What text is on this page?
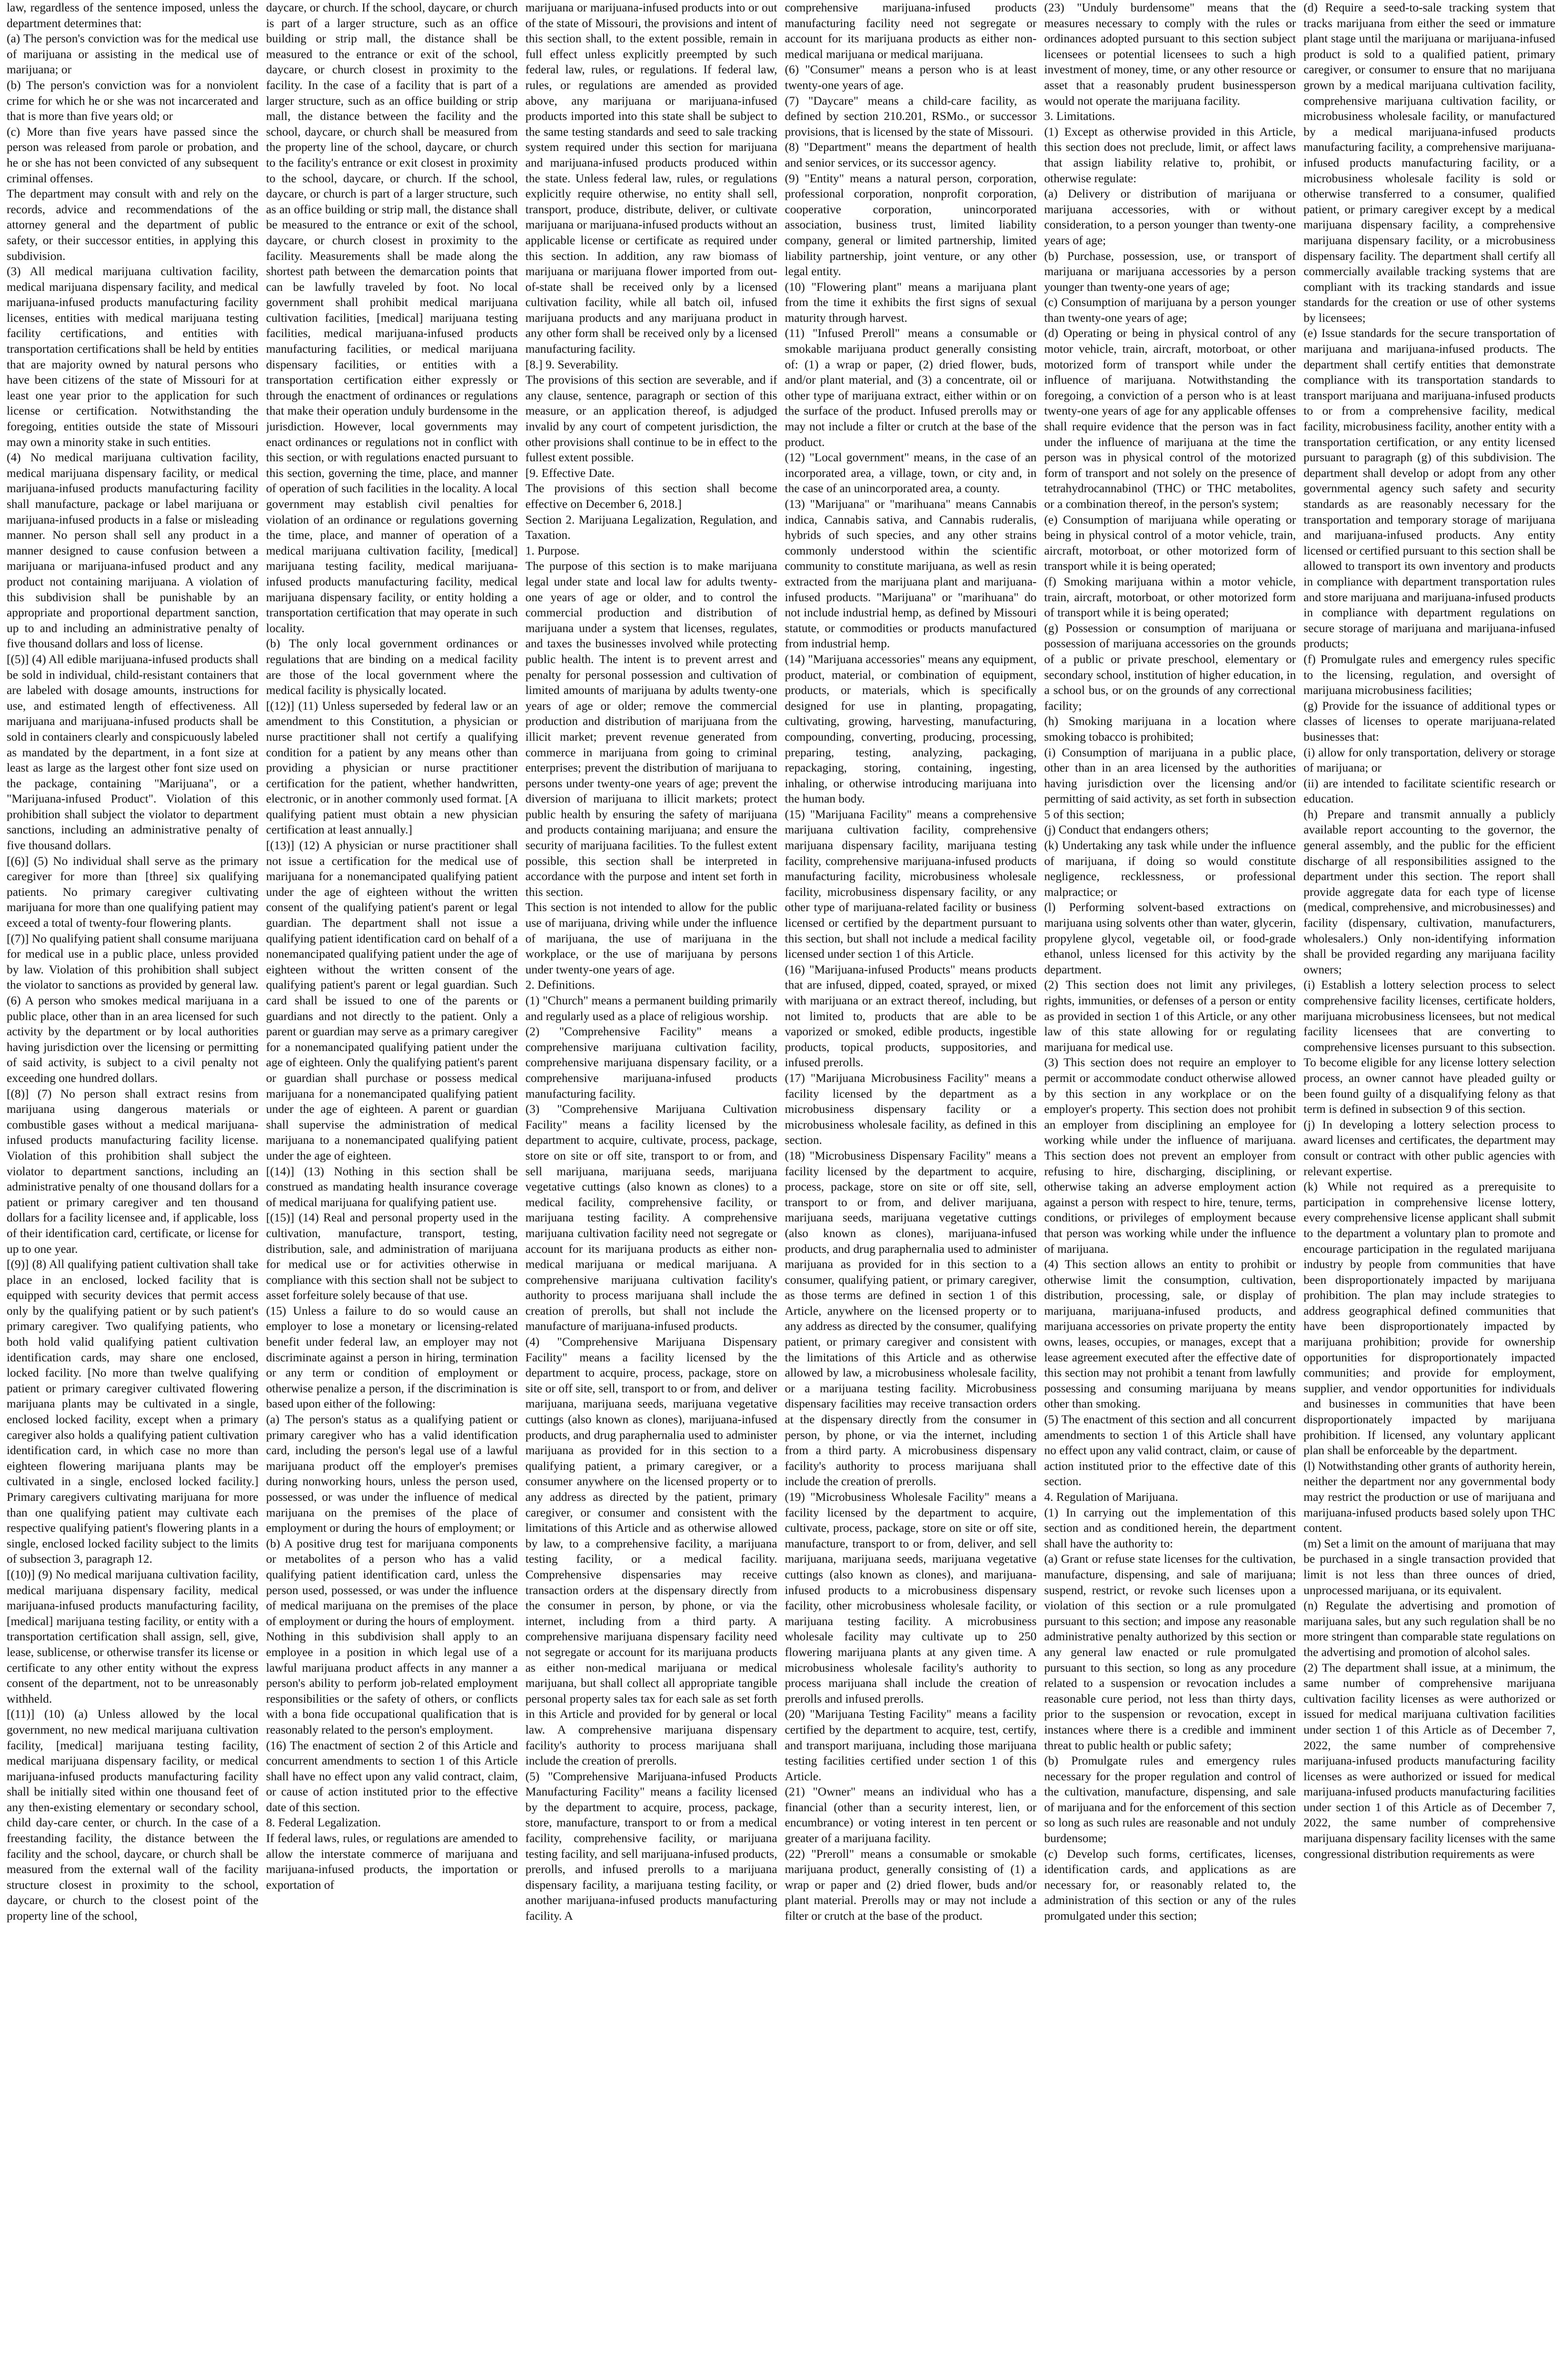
law, regardless of the sentence imposed, unless the department determines that:

(a) The person's conviction was for the medical use of marijuana or assisting in the medical use of marijuana; or

(b) The person's conviction was for a nonviolent crime for which he or she was not incarcerated and that is more than five years old; or

(c) More than five years have passed since the person was released from parole or probation, and he or she has not been convicted of any subsequent criminal offenses.

The department may consult with and rely on the records, advice and recommendations of the attorney general and the department of public safety, or their successor entities, in applying this subdivision.

(3) All medical marijuana cultivation facility, medical marijuana dispensary facility, and medical marijuana-infused products manufacturing facility licenses, entities with medical marijuana testing facility certifications, and entities with transportation certifications shall be held by entities that are majority owned by natural persons who have been citizens of the state of Missouri for at least one year prior to the application for such license or certification. Notwithstanding the foregoing, entities outside the state of Missouri may own a minority stake in such entities.

(4) No medical marijuana cultivation facility, medical marijuana dispensary facility, or medical marijuana-infused products manufacturing facility shall manufacture, package or label marijuana or marijuana-infused products in a false or misleading manner. No person shall sell any product in a manner designed to cause confusion between a marijuana or marijuana-infused product and any product not containing marijuana. A violation of this subdivision shall be punishable by an appropriate and proportional department sanction, up to and including an administrative penalty of five thousand dollars and loss of license.

[(5)] (4) All edible marijuana-infused products shall be sold in individual, child-resistant containers that are labeled with dosage amounts, instructions for use, and estimated length of effectiveness. All marijuana and marijuana-infused products shall be sold in containers clearly and conspicuously labeled as mandated by the department, in a font size at least as large as the largest other font size used on the package, containing "Marijuana", or a "Marijuana-infused Product". Violation of this prohibition shall subject the violator to department sanctions, including an administrative penalty of five thousand dollars.

[(6)] (5) No individual shall serve as the primary caregiver for more than [three] six qualifying patients. No primary caregiver cultivating marijuana for more than one qualifying patient may exceed a total of twenty-four flowering plants.

[(7)] No qualifying patient shall consume marijuana for medical use in a public place, unless provided by law. Violation of this prohibition shall subject the violator to sanctions as provided by general law. (6) A person who smokes medical marijuana in a public place, other than in an area licensed for such activity by the department or by local authorities having jurisdiction over the licensing or permitting of said activity, is subject to a civil penalty not exceeding one hundred dollars.

[(8)] (7) No person shall extract resins from marijuana using dangerous materials or combustible gases without a medical marijuana-infused products manufacturing facility license. Violation of this prohibition shall subject the violator to department sanctions, including an administrative penalty of one thousand dollars for a patient or primary caregiver and ten thousand dollars for a facility licensee and, if applicable, loss of their identification card, certificate, or license for up to one year.

[(9)] (8) All qualifying patient cultivation shall take place in an enclosed, locked facility that is equipped with security devices that permit access only by the qualifying patient or by such patient's primary caregiver. Two qualifying patients, who both hold valid qualifying patient cultivation identification cards, may share one enclosed, locked facility. [No more than twelve qualifying patient or primary caregiver cultivated flowering marijuana plants may be cultivated in a single, enclosed locked facility, except when a primary caregiver also holds a qualifying patient cultivation identification card, in which case no more than eighteen flowering marijuana plants may be cultivated in a single, enclosed locked facility.] Primary caregivers cultivating marijuana for more than one qualifying patient may cultivate each respective qualifying patient's flowering plants in a single, enclosed locked facility subject to the limits of subsection 3, paragraph 12.

[(10)] (9) No medical marijuana cultivation facility, medical marijuana dispensary facility, medical marijuana-infused products manufacturing facility, [medical] marijuana testing facility, or entity with a transportation certification shall assign, sell, give, lease, sublicense, or otherwise transfer its license or certificate to any other entity without the express consent of the department, not to be unreasonably withheld.

[(11)] (10) (a) Unless allowed by the local government, no new medical marijuana cultivation facility, [medical] marijuana testing facility, medical marijuana dispensary facility, or medical marijuana-infused products manufacturing facility shall be initially sited within one thousand feet of any then-existing elementary or secondary school, child day-care center, or church. In the case of a freestanding facility, the distance between the facility and the school, daycare, or church shall be measured from the external wall of the facility structure closest in proximity to the school, daycare, or church to the closest point of the property line of the school,

daycare, or church. If the school, daycare, or church is part of a larger structure, such as an office building or strip mall, the distance shall be measured to the entrance or exit of the school, daycare, or church closest in proximity to the facility. In the case of a facility that is part of a larger structure, such as an office building or strip mall, the distance between the facility and the school, daycare, or church shall be measured from the property line of the school, daycare, or church to the facility's entrance or exit closest in proximity to the school, daycare, or church. If the school, daycare, or church is part of a larger structure, such as an office building or strip mall, the distance shall be measured to the entrance or exit of the school, daycare, or church closest in proximity to the facility. Measurements shall be made along the shortest path between the demarcation points that can be lawfully traveled by foot. No local government shall prohibit medical marijuana cultivation facilities, [medical] marijuana testing facilities, medical marijuana-infused products manufacturing facilities, or medical marijuana dispensary facilities, or entities with a transportation certification either expressly or through the enactment of ordinances or regulations that make their operation unduly burdensome in the jurisdiction. However, local governments may enact ordinances or regulations not in conflict with this section, or with regulations enacted pursuant to this section, governing the time, place, and manner of operation of such facilities in the locality. A local government may establish civil penalties for violation of an ordinance or regulations governing the time, place, and manner of operation of a medical marijuana cultivation facility, [medical] marijuana testing facility, medical marijuana-infused products manufacturing facility, medical marijuana dispensary facility, or entity holding a transportation certification that may operate in such locality.

(b) The only local government ordinances or regulations that are binding on a medical facility are those of the local government where the medical facility is physically located.

[(12)] (11) Unless superseded by federal law or an amendment to this Constitution, a physician or nurse practitioner shall not certify a qualifying condition for a patient by any means other than providing a physician or nurse practitioner certification for the patient, whether handwritten, electronic, or in another commonly used format. [A qualifying patient must obtain a new physician certification at least annually.]

[(13)] (12) A physician or nurse practitioner shall not issue a certification for the medical use of marijuana for a nonemancipated qualifying patient under the age of eighteen without the written consent of the qualifying patient's parent or legal guardian. The department shall not issue a qualifying patient identification card on behalf of a nonemancipated qualifying patient under the age of eighteen without the written consent of the qualifying patient's parent or legal guardian. Such card shall be issued to one of the parents or guardians and not directly to the patient. Only a parent or guardian may serve as a primary caregiver for a nonemancipated qualifying patient under the age of eighteen. Only the qualifying patient's parent or guardian shall purchase or possess medical marijuana for a nonemancipated qualifying patient under the age of eighteen. A parent or guardian shall supervise the administration of medical marijuana to a nonemancipated qualifying patient under the age of eighteen.

[(14)] (13) Nothing in this section shall be construed as mandating health insurance coverage of medical marijuana for qualifying patient use.

[(15)] (14) Real and personal property used in the cultivation, manufacture, transport, testing, distribution, sale, and administration of marijuana for medical use or for activities otherwise in compliance with this section shall not be subject to asset forfeiture solely because of that use.

(15) Unless a failure to do so would cause an employer to lose a monetary or licensing-related benefit under federal law, an employer may not discriminate against a person in hiring, termination or any term or condition of employment or otherwise penalize a person, if the discrimination is based upon either of the following:

(a) The person's status as a qualifying patient or primary caregiver who has a valid identification card, including the person's legal use of a lawful marijuana product off the employer's premises during nonworking hours, unless the person used, possessed, or was under the influence of medical marijuana on the premises of the place of employment or during the hours of employment; or

(b) A positive drug test for marijuana components or metabolites of a person who has a valid qualifying patient identification card, unless the person used, possessed, or was under the influence of medical marijuana on the premises of the place of employment or during the hours of employment.

Nothing in this subdivision shall apply to an employee in a position in which legal use of a lawful marijuana product affects in any manner a person's ability to perform job-related employment responsibilities or the safety of others, or conflicts with a bona fide occupational qualification that is reasonably related to the person's employment.

(16) The enactment of section 2 of this Article and concurrent amendments to section 1 of this Article shall have no effect upon any valid contract, claim, or cause of action instituted prior to the effective date of this section.

8. Federal Legalization.

If federal laws, rules, or regulations are amended to allow the interstate commerce of marijuana and marijuana-infused products, the importation or exportation of

marijuana or marijuana-infused products into or out of the state of Missouri, the provisions and intent of this section shall, to the extent possible, remain in full effect unless explicitly preempted by such federal law, rules, or regulations. If federal law, rules, or regulations are amended as provided above, any marijuana or marijuana-infused products imported into this state shall be subject to the same testing standards and seed to sale tracking system required under this section for marijuana and marijuana-infused products produced within the state. Unless federal law, rules, or regulations explicitly require otherwise, no entity shall sell, transport, produce, distribute, deliver, or cultivate marijuana or marijuana-infused products without an applicable license or certificate as required under this section. In addition, any raw biomass of marijuana or marijuana flower imported from out-of-state shall be received only by a licensed cultivation facility, while all batch oil, infused marijuana products and any marijuana product in any other form shall be received only by a licensed manufacturing facility.

[8.] 9. Severability.

The provisions of this section are severable, and if any clause, sentence, paragraph or section of this measure, or an application thereof, is adjudged invalid by any court of competent jurisdiction, the other provisions shall continue to be in effect to the fullest extent possible.

[9. Effective Date.

The provisions of this section shall become effective on December 6, 2018.]

Section 2. Marijuana Legalization, Regulation, and Taxation.

1. Purpose.

The purpose of this section is to make marijuana legal under state and local law for adults twenty-one years of age or older, and to control the commercial production and distribution of marijuana under a system that licenses, regulates, and taxes the businesses involved while protecting public health. The intent is to prevent arrest and penalty for personal possession and cultivation of limited amounts of marijuana by adults twenty-one years of age or older; remove the commercial production and distribution of marijuana from the illicit market; prevent revenue generated from commerce in marijuana from going to criminal enterprises; prevent the distribution of marijuana to persons under twenty-one years of age; prevent the diversion of marijuana to illicit markets; protect public health by ensuring the safety of marijuana and products containing marijuana; and ensure the security of marijuana facilities. To the fullest extent possible, this section shall be interpreted in accordance with the purpose and intent set forth in this section.

This section is not intended to allow for the public use of marijuana, driving while under the influence of marijuana, the use of marijuana in the workplace, or the use of marijuana by persons under twenty-one years of age.

2. Definitions.

(1) "Church" means a permanent building primarily and regularly used as a place of religious worship.

(2) "Comprehensive Facility" means a comprehensive marijuana cultivation facility, comprehensive marijuana dispensary facility, or a comprehensive marijuana-infused products manufacturing facility.

(3) "Comprehensive Marijuana Cultivation Facility" means a facility licensed by the department to acquire, cultivate, process, package, store on site or off site, transport to or from, and sell marijuana, marijuana seeds, marijuana vegetative cuttings (also known as clones) to a medical facility, comprehensive facility, or marijuana testing facility. A comprehensive marijuana cultivation facility need not segregate or account for its marijuana products as either non-medical marijuana or medical marijuana. A comprehensive marijuana cultivation facility's authority to process marijuana shall include the creation of prerolls, but shall not include the manufacture of marijuana-infused products.

(4) "Comprehensive Marijuana Dispensary Facility" means a facility licensed by the department to acquire, process, package, store on site or off site, sell, transport to or from, and deliver marijuana, marijuana seeds, marijuana vegetative cuttings (also known as clones), marijuana-infused products, and drug paraphernalia used to administer marijuana as provided for in this section to a qualifying patient, a primary caregiver, or a consumer anywhere on the licensed property or to any address as directed by the patient, primary caregiver, or consumer and consistent with the limitations of this Article and as otherwise allowed by law, to a comprehensive facility, a marijuana testing facility, or a medical facility. Comprehensive dispensaries may receive transaction orders at the dispensary directly from the consumer in person, by phone, or via the internet, including from a third party. A comprehensive marijuana dispensary facility need not segregate or account for its marijuana products as either non-medical marijuana or medical marijuana, but shall collect all appropriate tangible personal property sales tax for each sale as set forth in this Article and provided for by general or local law. A comprehensive marijuana dispensary facility's authority to process marijuana shall include the creation of prerolls.

(5) "Comprehensive Marijuana-infused Products Manufacturing Facility" means a facility licensed by the department to acquire, process, package, store, manufacture, transport to or from a medical facility, comprehensive facility, or marijuana testing facility, and sell marijuana-infused products, prerolls, and infused prerolls to a marijuana dispensary facility, a marijuana testing facility, or another marijuana-infused products manufacturing facility. A

comprehensive marijuana-infused products manufacturing facility need not segregate or account for its marijuana products as either non-medical marijuana or medical marijuana.

(6) "Consumer" means a person who is at least twenty-one years of age.

(7) "Daycare" means a child-care facility, as defined by section 210.201, RSMo., or successor provisions, that is licensed by the state of Missouri.

(8) "Department" means the department of health and senior services, or its successor agency.

(9) "Entity" means a natural person, corporation, professional corporation, nonprofit corporation, cooperative corporation, unincorporated association, business trust, limited liability company, general or limited partnership, limited liability partnership, joint venture, or any other legal entity.

(10) "Flowering plant" means a marijuana plant from the time it exhibits the first signs of sexual maturity through harvest.

(11) "Infused Preroll" means a consumable or smokable marijuana product generally consisting of: (1) a wrap or paper, (2) dried flower, buds, and/or plant material, and (3) a concentrate, oil or other type of marijuana extract, either within or on the surface of the product. Infused prerolls may or may not include a filter or crutch at the base of the product.

(12) "Local government" means, in the case of an incorporated area, a village, town, or city and, in the case of an unincorporated area, a county.

(13) "Marijuana" or "marihuana" means Cannabis indica, Cannabis sativa, and Cannabis ruderalis, hybrids of such species, and any other strains commonly understood within the scientific community to constitute marijuana, as well as resin extracted from the marijuana plant and marijuana-infused products. "Marijuana" or "marihuana" do not include industrial hemp, as defined by Missouri statute, or commodities or products manufactured from industrial hemp.

(14) "Marijuana accessories" means any equipment, product, material, or combination of equipment, products, or materials, which is specifically designed for use in planting, propagating, cultivating, growing, harvesting, manufacturing, compounding, converting, producing, processing, preparing, testing, analyzing, packaging, repackaging, storing, containing, ingesting, inhaling, or otherwise introducing marijuana into the human body.

(15) "Marijuana Facility" means a comprehensive marijuana cultivation facility, comprehensive marijuana dispensary facility, marijuana testing facility, comprehensive marijuana-infused products manufacturing facility, microbusiness wholesale facility, microbusiness dispensary facility, or any other type of marijuana-related facility or business licensed or certified by the department pursuant to this section, but shall not include a medical facility licensed under section 1 of this Article.

(16) "Marijuana-infused Products" means products that are infused, dipped, coated, sprayed, or mixed with marijuana or an extract thereof, including, but not limited to, products that are able to be vaporized or smoked, edible products, ingestible products, topical products, suppositories, and infused prerolls.

(17) "Marijuana Microbusiness Facility" means a facility licensed by the department as a microbusiness dispensary facility or a microbusiness wholesale facility, as defined in this section.

(18) "Microbusiness Dispensary Facility" means a facility licensed by the department to acquire, process, package, store on site or off site, sell, transport to or from, and deliver marijuana, marijuana seeds, marijuana vegetative cuttings (also known as clones), marijuana-infused products, and drug paraphernalia used to administer marijuana as provided for in this section to a consumer, qualifying patient, or primary caregiver, as those terms are defined in section 1 of this Article, anywhere on the licensed property or to any address as directed by the consumer, qualifying patient, or primary caregiver and consistent with the limitations of this Article and as otherwise allowed by law, a microbusiness wholesale facility, or a marijuana testing facility. Microbusiness dispensary facilities may receive transaction orders at the dispensary directly from the consumer in person, by phone, or via the internet, including from a third party. A microbusiness dispensary facility's authority to process marijuana shall include the creation of prerolls.

(19) "Microbusiness Wholesale Facility" means a facility licensed by the department to acquire, cultivate, process, package, store on site or off site, manufacture, transport to or from, deliver, and sell marijuana, marijuana seeds, marijuana vegetative cuttings (also known as clones), and marijuana-infused products to a microbusiness dispensary facility, other microbusiness wholesale facility, or marijuana testing facility. A microbusiness wholesale facility may cultivate up to 250 flowering marijuana plants at any given time. A microbusiness wholesale facility's authority to process marijuana shall include the creation of prerolls and infused prerolls.

(20) "Marijuana Testing Facility" means a facility certified by the department to acquire, test, certify, and transport marijuana, including those marijuana testing facilities certified under section 1 of this Article.

(21) "Owner" means an individual who has a financial (other than a security interest, lien, or encumbrance) or voting interest in ten percent or greater of a marijuana facility.

(22) "Preroll" means a consumable or smokable marijuana product, generally consisting of (1) a wrap or paper and (2) dried flower, buds and/or plant material. Prerolls may or may not include a filter or crutch at the base of the product.

(23) "Unduly burdensome" means that the measures necessary to comply with the rules or ordinances adopted pursuant to this section subject licensees or potential licensees to such a high investment of money, time, or any other resource or asset that a reasonably prudent businessperson would not operate the marijuana facility.

3. Limitations.

(1) Except as otherwise provided in this Article, this section does not preclude, limit, or affect laws that assign liability relative to, prohibit, or otherwise regulate:

(a) Delivery or distribution of marijuana or marijuana accessories, with or without consideration, to a person younger than twenty-one years of age;

(b) Purchase, possession, use, or transport of marijuana or marijuana accessories by a person younger than twenty-one years of age;

(c) Consumption of marijuana by a person younger than twenty-one years of age;

(d) Operating or being in physical control of any motor vehicle, train, aircraft, motorboat, or other motorized form of transport while under the influence of marijuana. Notwithstanding the foregoing, a conviction of a person who is at least twenty-one years of age for any applicable offenses shall require evidence that the person was in fact under the influence of marijuana at the time the person was in physical control of the motorized form of transport and not solely on the presence of tetrahydrocannabinol (THC) or THC metabolites, or a combination thereof, in the person's system;

(e) Consumption of marijuana while operating or being in physical control of a motor vehicle, train, aircraft, motorboat, or other motorized form of transport while it is being operated;

(f) Smoking marijuana within a motor vehicle, train, aircraft, motorboat, or other motorized form of transport while it is being operated;

(g) Possession or consumption of marijuana or possession of marijuana accessories on the grounds of a public or private preschool, elementary or secondary school, institution of higher education, in a school bus, or on the grounds of any correctional facility;

(h) Smoking marijuana in a location where smoking tobacco is prohibited;

(i) Consumption of marijuana in a public place, other than in an area licensed by the authorities having jurisdiction over the licensing and/or permitting of said activity, as set forth in subsection 5 of this section;

(j) Conduct that endangers others;

(k) Undertaking any task while under the influence of marijuana, if doing so would constitute negligence, recklessness, or professional malpractice; or

(l) Performing solvent-based extractions on marijuana using solvents other than water, glycerin, propylene glycol, vegetable oil, or food-grade ethanol, unless licensed for this activity by the department.

(2) This section does not limit any privileges, rights, immunities, or defenses of a person or entity as provided in section 1 of this Article, or any other law of this state allowing for or regulating marijuana for medical use.

(3) This section does not require an employer to permit or accommodate conduct otherwise allowed by this section in any workplace or on the employer's property. This section does not prohibit an employer from disciplining an employee for working while under the influence of marijuana. This section does not prevent an employer from refusing to hire, discharging, disciplining, or otherwise taking an adverse employment action against a person with respect to hire, tenure, terms, conditions, or privileges of employment because that person was working while under the influence of marijuana.

(4) This section allows an entity to prohibit or otherwise limit the consumption, cultivation, distribution, processing, sale, or display of marijuana, marijuana-infused products, and marijuana accessories on private property the entity owns, leases, occupies, or manages, except that a lease agreement executed after the effective date of this section may not prohibit a tenant from lawfully possessing and consuming marijuana by means other than smoking.

(5) The enactment of this section and all concurrent amendments to section 1 of this Article shall have no effect upon any valid contract, claim, or cause of action instituted prior to the effective date of this section.

4. Regulation of Marijuana.

(1) In carrying out the implementation of this section and as conditioned herein, the department shall have the authority to:

(a) Grant or refuse state licenses for the cultivation, manufacture, dispensing, and sale of marijuana; suspend, restrict, or revoke such licenses upon a violation of this section or a rule promulgated pursuant to this section; and impose any reasonable administrative penalty authorized by this section or any general law enacted or rule promulgated pursuant to this section, so long as any procedure related to a suspension or revocation includes a reasonable cure period, not less than thirty days, prior to the suspension or revocation, except in instances where there is a credible and imminent threat to public health or public safety;

(b) Promulgate rules and emergency rules necessary for the proper regulation and control of the cultivation, manufacture, dispensing, and sale of marijuana and for the enforcement of this section so long as such rules are reasonable and not unduly burdensome;

(c) Develop such forms, certificates, licenses, identification cards, and applications as are necessary for, or reasonably related to, the administration of this section or any of the rules promulgated under this section;

(d) Require a seed-to-sale tracking system that tracks marijuana from either the seed or immature plant stage until the marijuana or marijuana-infused product is sold to a qualified patient, primary caregiver, or consumer to ensure that no marijuana grown by a medical marijuana cultivation facility, comprehensive marijuana cultivation facility, or microbusiness wholesale facility, or manufactured by a medical marijuana-infused products manufacturing facility, a comprehensive marijuana-infused products manufacturing facility, or a microbusiness wholesale facility is sold or otherwise transferred to a consumer, qualified patient, or primary caregiver except by a medical marijuana dispensary facility, a comprehensive marijuana dispensary facility, or a microbusiness dispensary facility. The department shall certify all commercially available tracking systems that are compliant with its tracking standards and issue standards for the creation or use of other systems by licensees;

(e) Issue standards for the secure transportation of marijuana and marijuana-infused products. The department shall certify entities that demonstrate compliance with its transportation standards to transport marijuana and marijuana-infused products to or from a comprehensive facility, medical facility, microbusiness facility, another entity with a transportation certification, or any entity licensed pursuant to paragraph (g) of this subdivision. The department shall develop or adopt from any other governmental agency such safety and security standards as are reasonably necessary for the transportation and temporary storage of marijuana and marijuana-infused products. Any entity licensed or certified pursuant to this section shall be allowed to transport its own inventory and products in compliance with department transportation rules and store marijuana and marijuana-infused products in compliance with department regulations on secure storage of marijuana and marijuana-infused products;

(f) Promulgate rules and emergency rules specific to the licensing, regulation, and oversight of marijuana microbusiness facilities;

(g) Provide for the issuance of additional types or classes of licenses to operate marijuana-related businesses that:

(i) allow for only transportation, delivery or storage of marijuana; or

(ii) are intended to facilitate scientific research or education.

(h) Prepare and transmit annually a publicly available report accounting to the governor, the general assembly, and the public for the efficient discharge of all responsibilities assigned to the department under this section. The report shall provide aggregate data for each type of license (medical, comprehensive, and microbusinesses) and facility (dispensary, cultivation, manufacturers, wholesalers.) Only non-identifying information shall be provided regarding any marijuana facility owners;

(i) Establish a lottery selection process to select comprehensive facility licenses, certificate holders, marijuana microbusiness licensees, but not medical facility licensees that are converting to comprehensive licenses pursuant to this subsection. To become eligible for any license lottery selection process, an owner cannot have pleaded guilty or been found guilty of a disqualifying felony as that term is defined in subsection 9 of this section.

(j) In developing a lottery selection process to award licenses and certificates, the department may consult or contract with other public agencies with relevant expertise.

(k) While not required as a prerequisite to participation in comprehensive license lottery, every comprehensive license applicant shall submit to the department a voluntary plan to promote and encourage participation in the regulated marijuana industry by people from communities that have been disproportionately impacted by marijuana prohibition. The plan may include strategies to address geographical defined communities that have been disproportionately impacted by marijuana prohibition; provide for ownership opportunities for disproportionately impacted communities; and provide for employment, supplier, and vendor opportunities for individuals and businesses in communities that have been disproportionately impacted by marijuana prohibition. If licensed, any voluntary applicant plan shall be enforceable by the department.

(l) Notwithstanding other grants of authority herein, neither the department nor any governmental body may restrict the production or use of marijuana and marijuana-infused products based solely upon THC content.

(m) Set a limit on the amount of marijuana that may be purchased in a single transaction provided that limit is not less than three ounces of dried, unprocessed marijuana, or its equivalent.

(n) Regulate the advertising and promotion of marijuana sales, but any such regulation shall be no more stringent than comparable state regulations on the advertising and promotion of alcohol sales.

(2) The department shall issue, at a minimum, the same number of comprehensive marijuana cultivation facility licenses as were authorized or issued for medical marijuana cultivation facilities under section 1 of this Article as of December 7, 2022, the same number of comprehensive marijuana-infused products manufacturing facility licenses as were authorized or issued for medical marijuana-infused products manufacturing facilities under section 1 of this Article as of December 7, 2022, the same number of comprehensive marijuana dispensary facility licenses with the same congressional distribution requirements as were
